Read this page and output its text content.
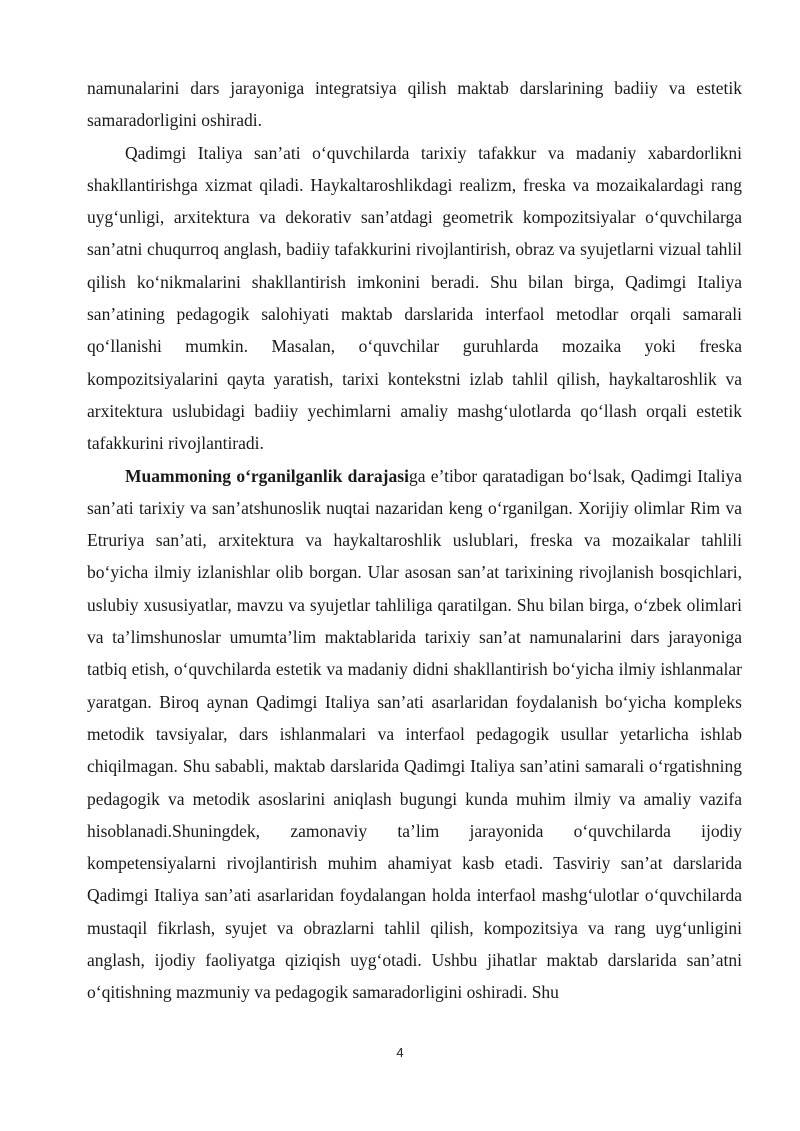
namunalarini dars jarayoniga integratsiya qilish maktab darslarining badiiy va estetik samaradorligini oshiradi.

Qadimgi Italiya san’ati o‘quvchilarda tarixiy tafakkur va madaniy xabardorlikni shakllantirishga xizmat qiladi. Haykaltaroshlikdagi realizm, freska va mozaikalardagi rang uyg‘unligi, arxitektura va dekorativ san’atdagi geometrik kompozitsiyalar o‘quvchilarga san’atni chuqurroq anglash, badiiy tafakkurini rivojlantirish, obraz va syujetlarni vizual tahlil qilish ko‘nikmalarini shakllantirish imkonini beradi. Shu bilan birga, Qadimgi Italiya san’atining pedagogik salohiyati maktab darslarida interfaol metodlar orqali samarali qo‘llanishi mumkin. Masalan, o‘quvchilar guruhlarda mozaika yoki freska kompozitsiyalarini qayta yaratish, tarixi kontekstni izlab tahlil qilish, haykaltaroshlik va arxitektura uslubidagi badiiy yechimlarni amaliy mashg‘ulotlarda qo‘llash orqali estetik tafakkurini rivojlantiradi.

Muammoning o‘rganilganlik darajasiga e’tibor qaratadigan bo‘lsak, Qadimgi Italiya san’ati tarixiy va san’atshunoslik nuqtai nazaridan keng o‘rganilgan. Xorijiy olimlar Rim va Etruriya san’ati, arxitektura va haykaltaroshlik uslublari, freska va mozaikalar tahlili bo‘yicha ilmiy izlanishlar olib borgan. Ular asosan san’at tarixining rivojlanish bosqichlari, uslubiy xususiyatlar, mavzu va syujetlar tahliliga qaratilgan. Shu bilan birga, o‘zbek olimlari va ta’limshunoslar umumta’lim maktablarida tarixiy san’at namunalarini dars jarayoniga tatbiq etish, o‘quvchilarda estetik va madaniy didni shakllantirish bo‘yicha ilmiy ishlanmalar yaratgan. Biroq aynan Qadimgi Italiya san’ati asarlaridan foydalanish bo‘yicha kompleks metodik tavsiyalar, dars ishlanmalari va interfaol pedagogik usullar yetarlicha ishlab chiqilmagan. Shu sababli, maktab darslarida Qadimgi Italiya san’atini samarali o‘rgatishning pedagogik va metodik asoslarini aniqlash bugungi kunda muhim ilmiy va amaliy vazifa hisoblanadi.Shuningdek, zamonaviy ta’lim jarayonida o‘quvchilarda ijodiy kompetensiyalarni rivojlantirish muhim ahamiyat kasb etadi. Tasviriy san’at darslarida Qadimgi Italiya san’ati asarlaridan foydalangan holda interfaol mashg‘ulotlar o‘quvchilarda mustaqil fikrlash, syujet va obrazlarni tahlil qilish, kompozitsiya va rang uyg‘unligini anglash, ijodiy faoliyatga qiziqish uyg‘otadi. Ushbu jihatlar maktab darslarida san’atni o‘qitishning mazmuniy va pedagogik samaradorligini oshiradi. Shu

4
